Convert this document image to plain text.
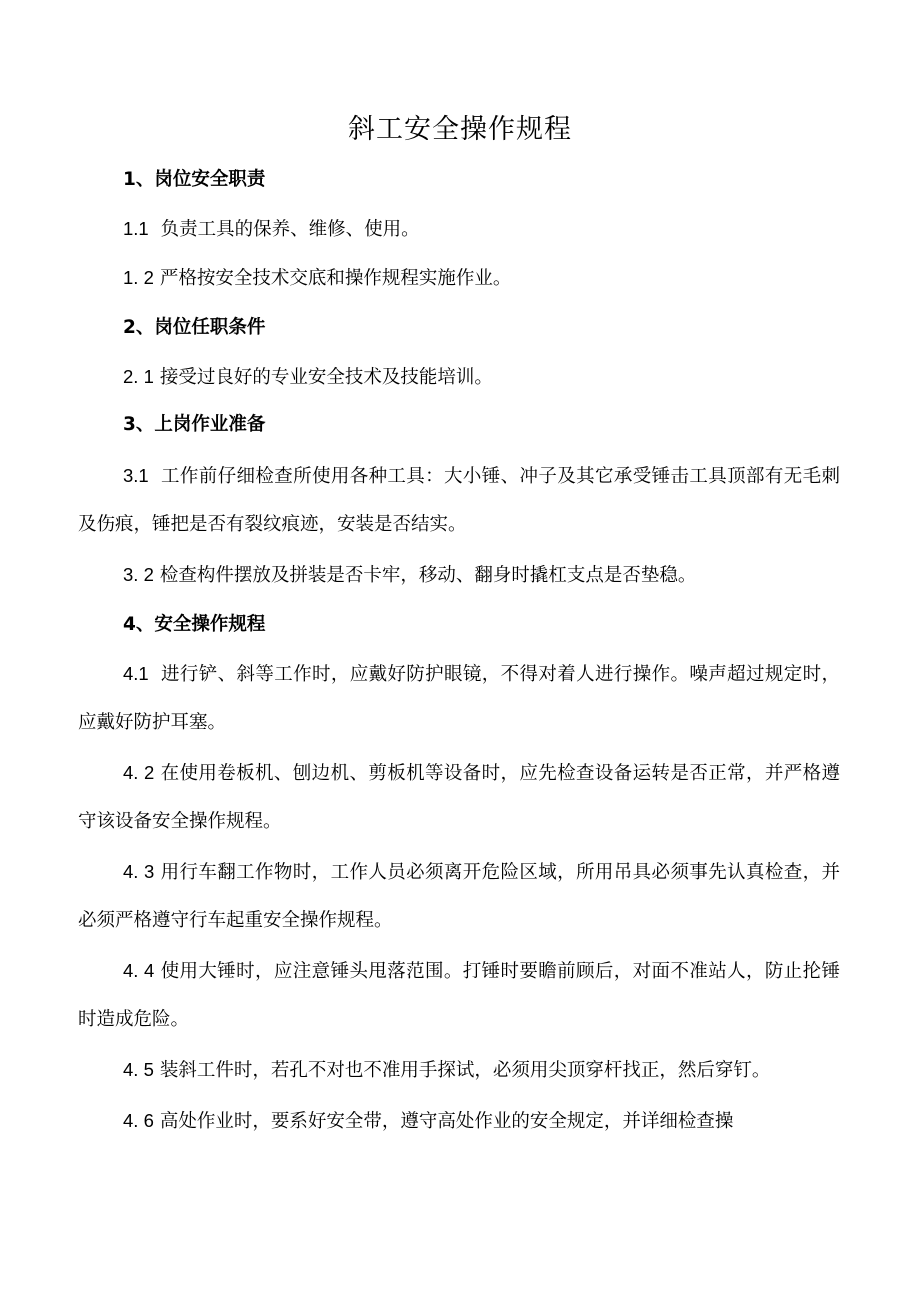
斜工安全操作规程
1、岗位安全职责
1.1 负责工具的保养、维修、使用。
1. 2 严格按安全技术交底和操作规程实施作业。
2、岗位任职条件
2. 1 接受过良好的专业安全技术及技能培训。
3、上岗作业准备
3.1 工作前仔细检查所使用各种工具：大小锤、冲子及其它承受锤击工具顶部有无毛刺及伤痕，锤把是否有裂纹痕迹，安装是否结实。
3. 2 检查构件摆放及拼装是否卡牢，移动、翻身时撬杠支点是否垫稳。
4、安全操作规程
4.1 进行铲、斜等工作时，应戴好防护眼镜，不得对着人进行操作。噪声超过规定时，应戴好防护耳塞。
4. 2 在使用卷板机、刨边机、剪板机等设备时，应先检查设备运转是否正常，并严格遵守该设备安全操作规程。
4. 3 用行车翻工作物时，工作人员必须离开危险区域，所用吊具必须事先认真检查，并必须严格遵守行车起重安全操作规程。
4. 4 使用大锤时，应注意锤头甩落范围。打锤时要瞻前顾后，对面不准站人，防止抡锤时造成危险。
4. 5 装斜工件时，若孔不对也不准用手探试，必须用尖顶穿杆找正，然后穿钉。
4. 6 高处作业时，要系好安全带，遵守高处作业的安全规定，并详细检查操
